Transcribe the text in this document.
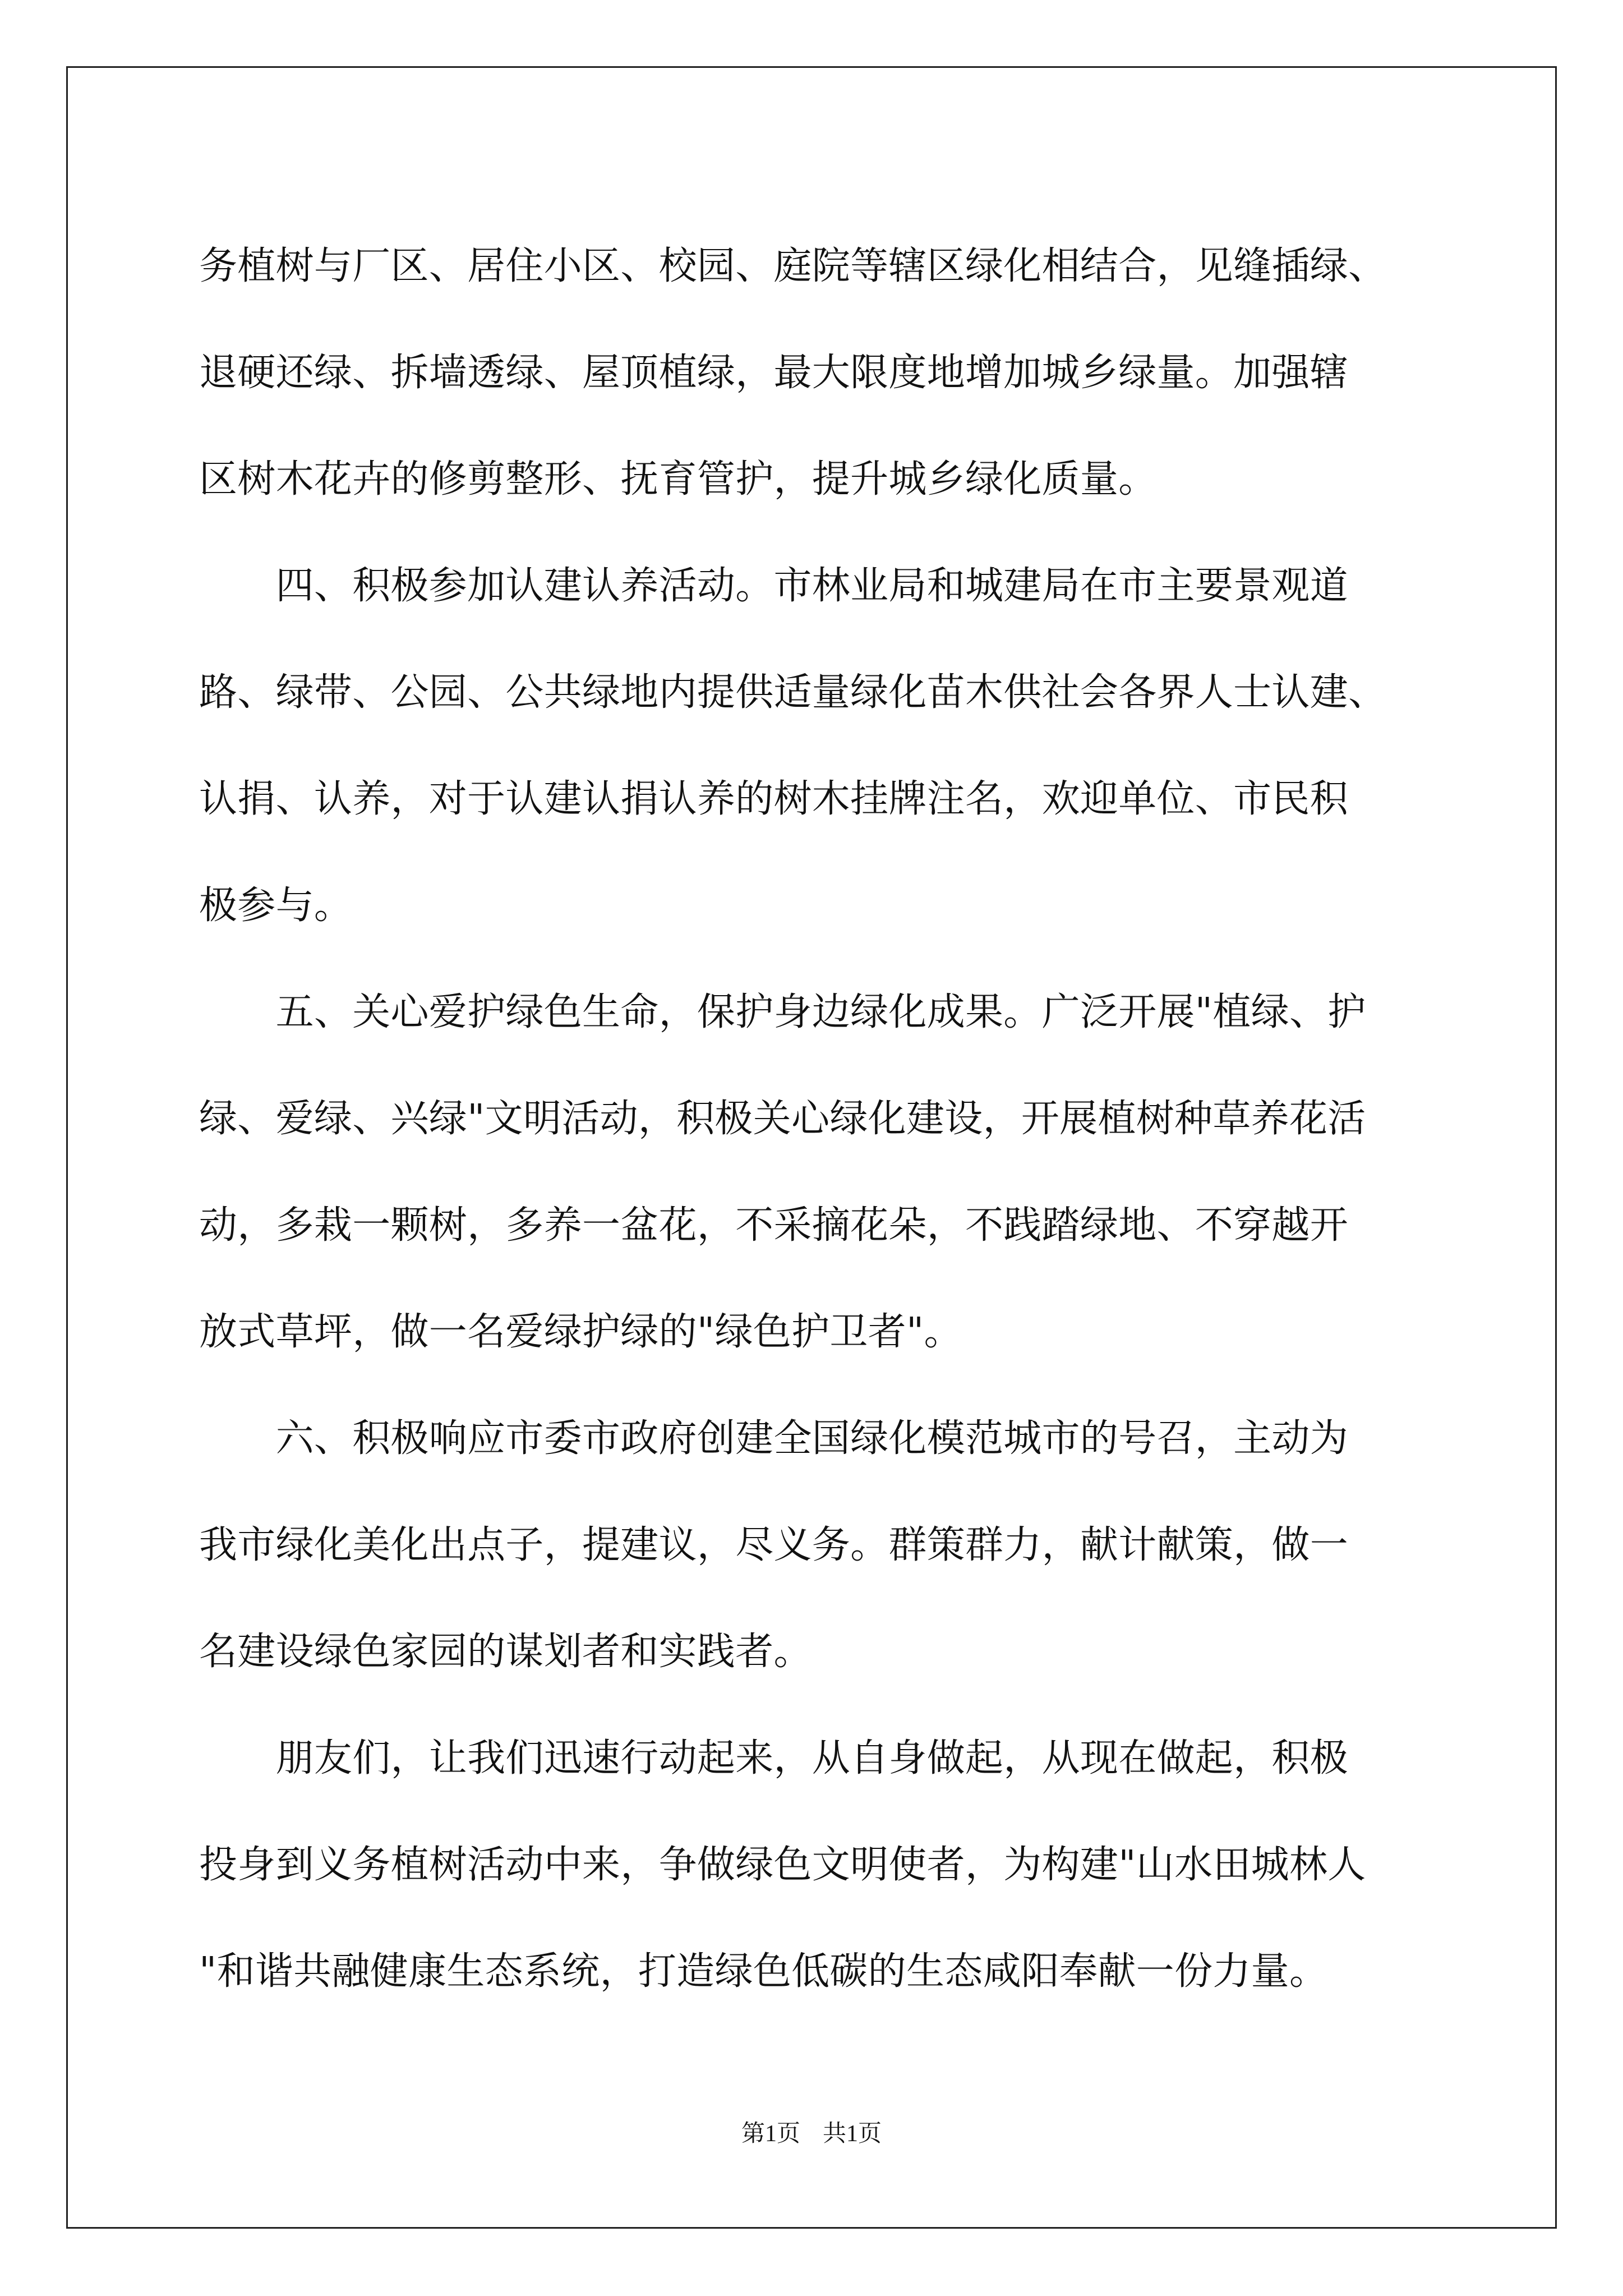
务植树与厂区、居住小区、校园、庭院等辖区绿化相结合，见缝插绿、
退硬还绿、拆墙透绿、屋顶植绿，最大限度地增加城乡绿量。加强辖
区树木花卉的修剪整形、抚育管护，提升城乡绿化质量。
　　四、积极参加认建认养活动。市林业局和城建局在市主要景观道
路、绿带、公园、公共绿地内提供适量绿化苗木供社会各界人士认建、
认捐、认养，对于认建认捐认养的树木挂牌注名，欢迎单位、市民积
极参与。
　　五、关心爱护绿色生命，保护身边绿化成果。广泛开展"植绿、护
绿、爱绿、兴绿"文明活动，积极关心绿化建设，开展植树种草养花活
动，多栽一颗树，多养一盆花，不采摘花朵，不践踏绿地、不穿越开
放式草坪，做一名爱绿护绿的"绿色护卫者"。
　　六、积极响应市委市政府创建全国绿化模范城市的号召，主动为
我市绿化美化出点子，提建议，尽义务。群策群力，献计献策，做一
名建设绿色家园的谋划者和实践者。
　　朋友们，让我们迅速行动起来，从自身做起，从现在做起，积极
投身到义务植树活动中来，争做绿色文明使者，为构建"山水田城林人
"和谐共融健康生态系统，打造绿色低碳的生态咸阳奉献一份力量。
第1页 共1页
